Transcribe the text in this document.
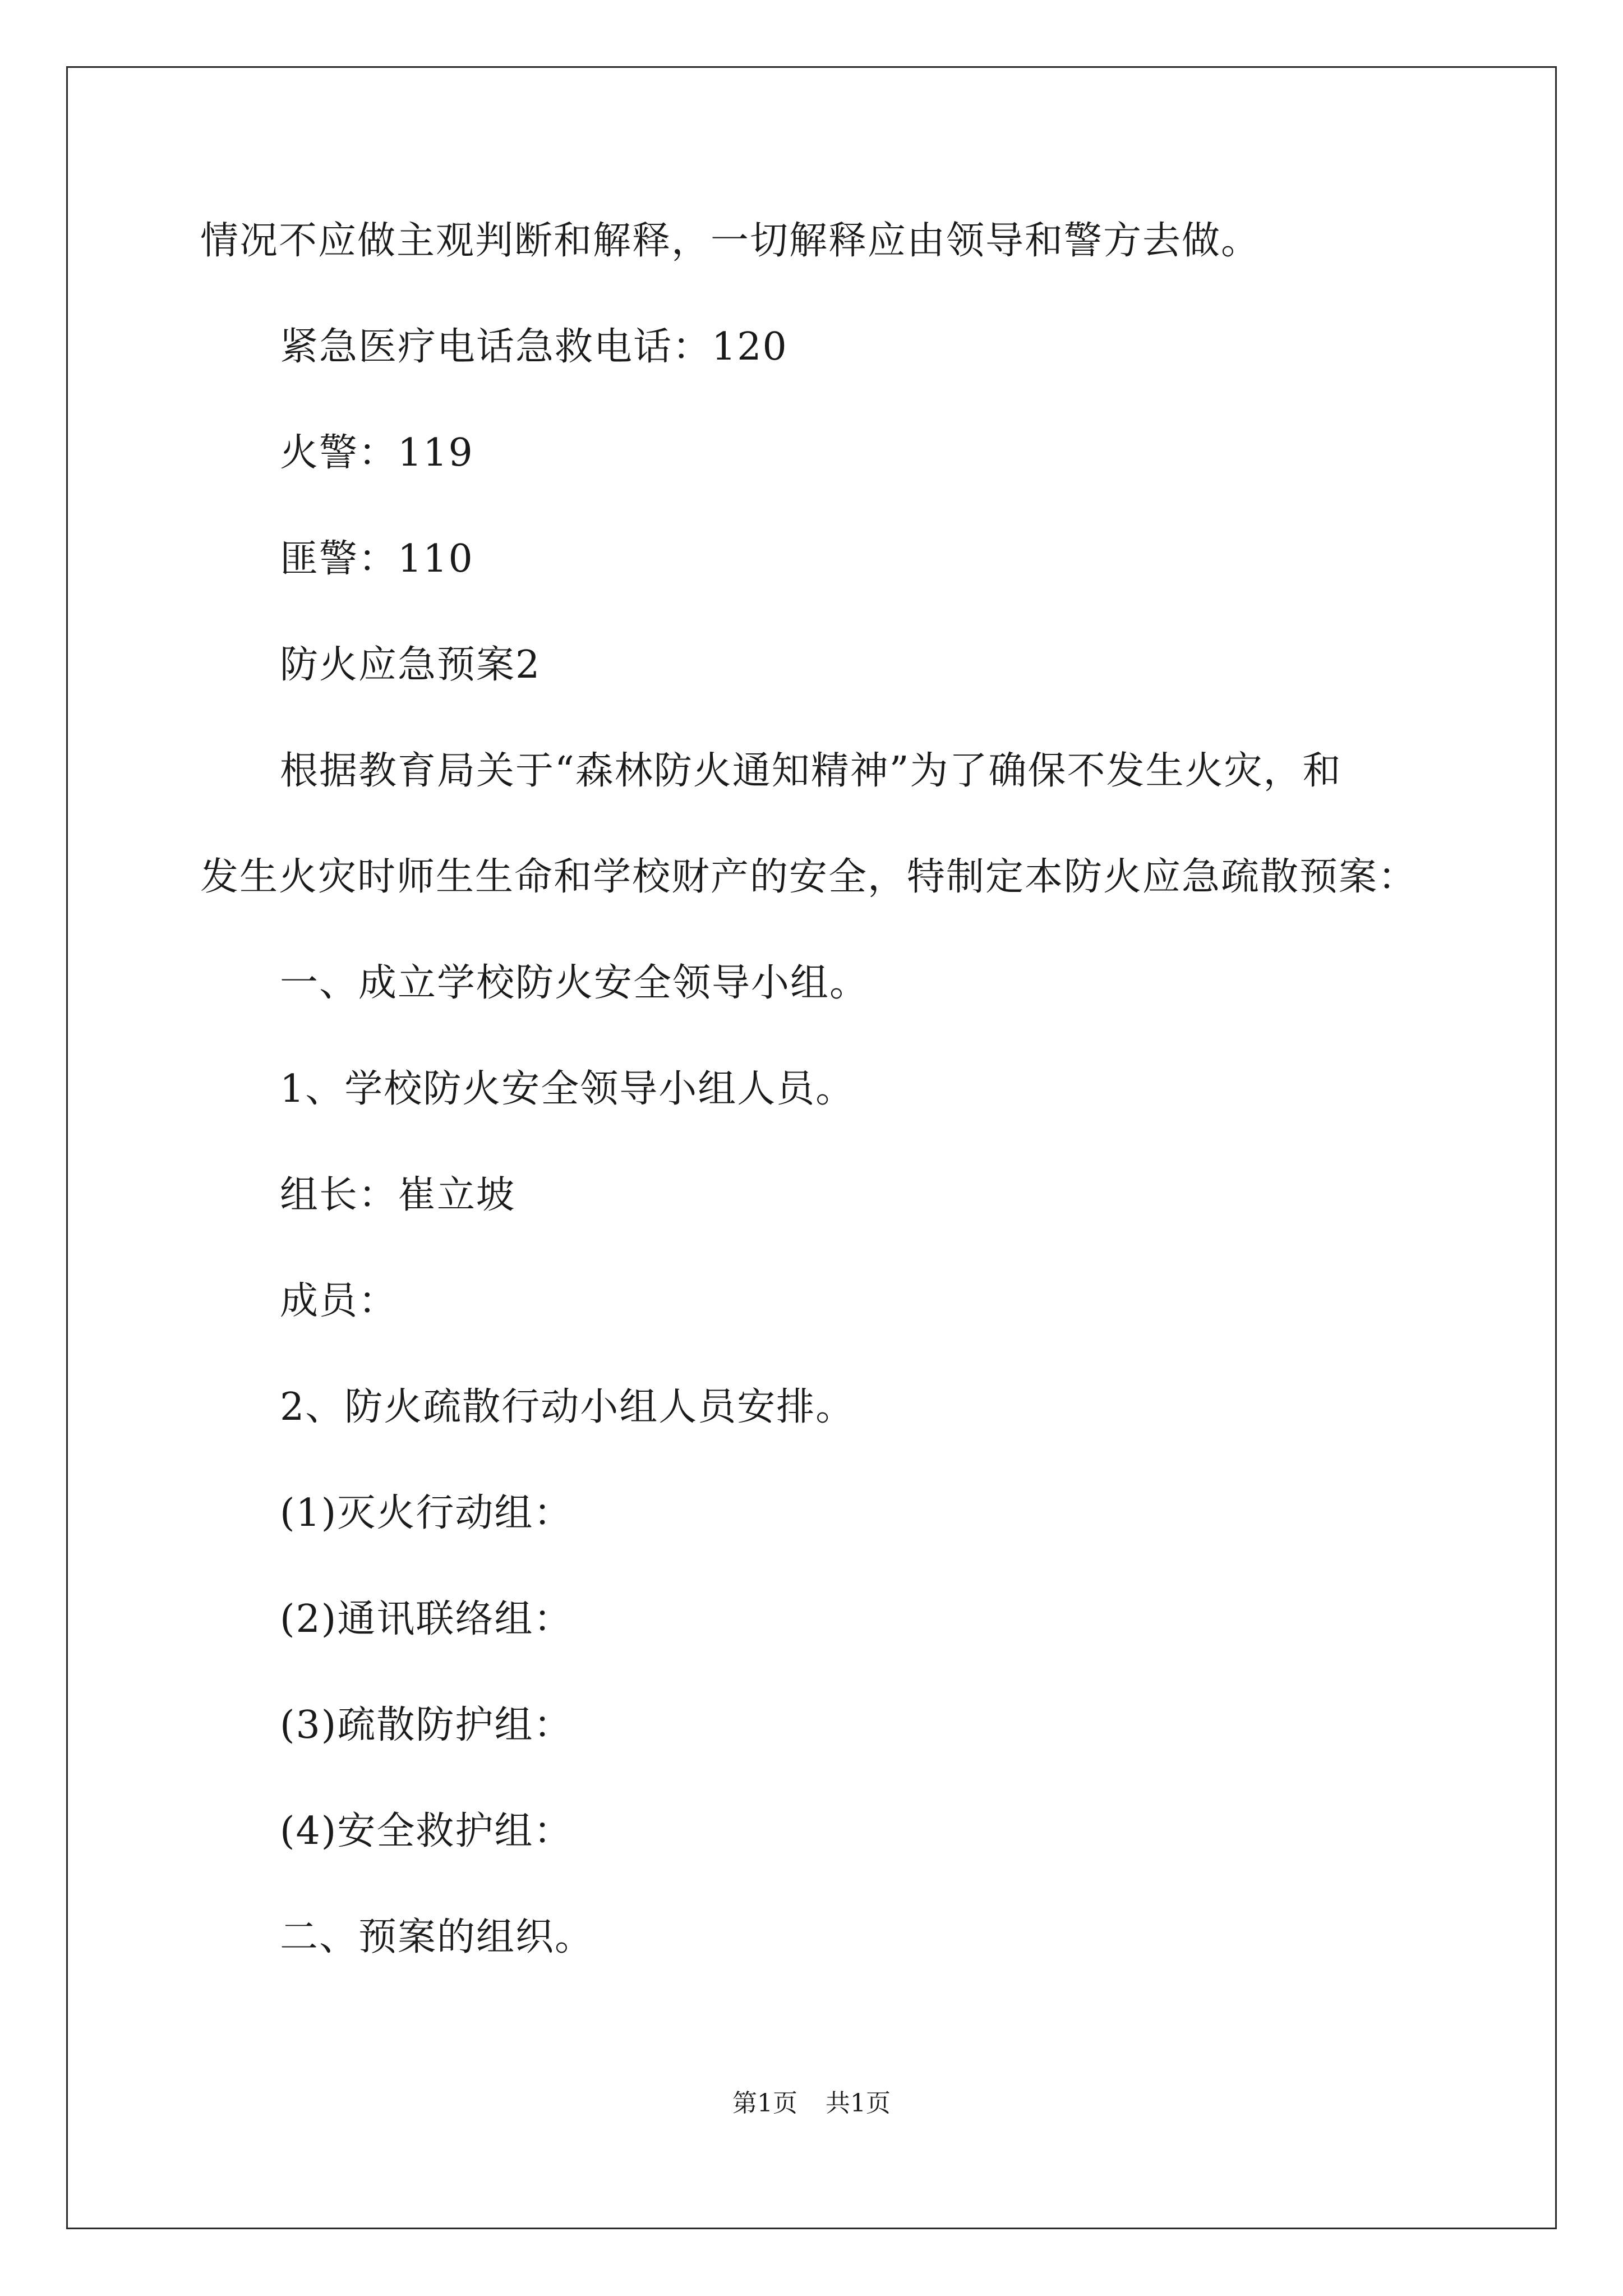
情况不应做主观判断和解释，一切解释应由领导和警方去做。

紧急医疗电话急救电话：120

火警：119

匪警：110

防火应急预案2

根据教育局关于“森林防火通知精神”为了确保不发生火灾，和

发生火灾时师生生命和学校财产的安全，特制定本防火应急疏散预案：

一、成立学校防火安全领导小组。

1、学校防火安全领导小组人员。

组长：崔立坡

成员：

2、防火疏散行动小组人员安排。

(1)灭火行动组：

(2)通讯联络组：

(3)疏散防护组：

(4)安全救护组：

二、预案的组织。

第1页 共1页
